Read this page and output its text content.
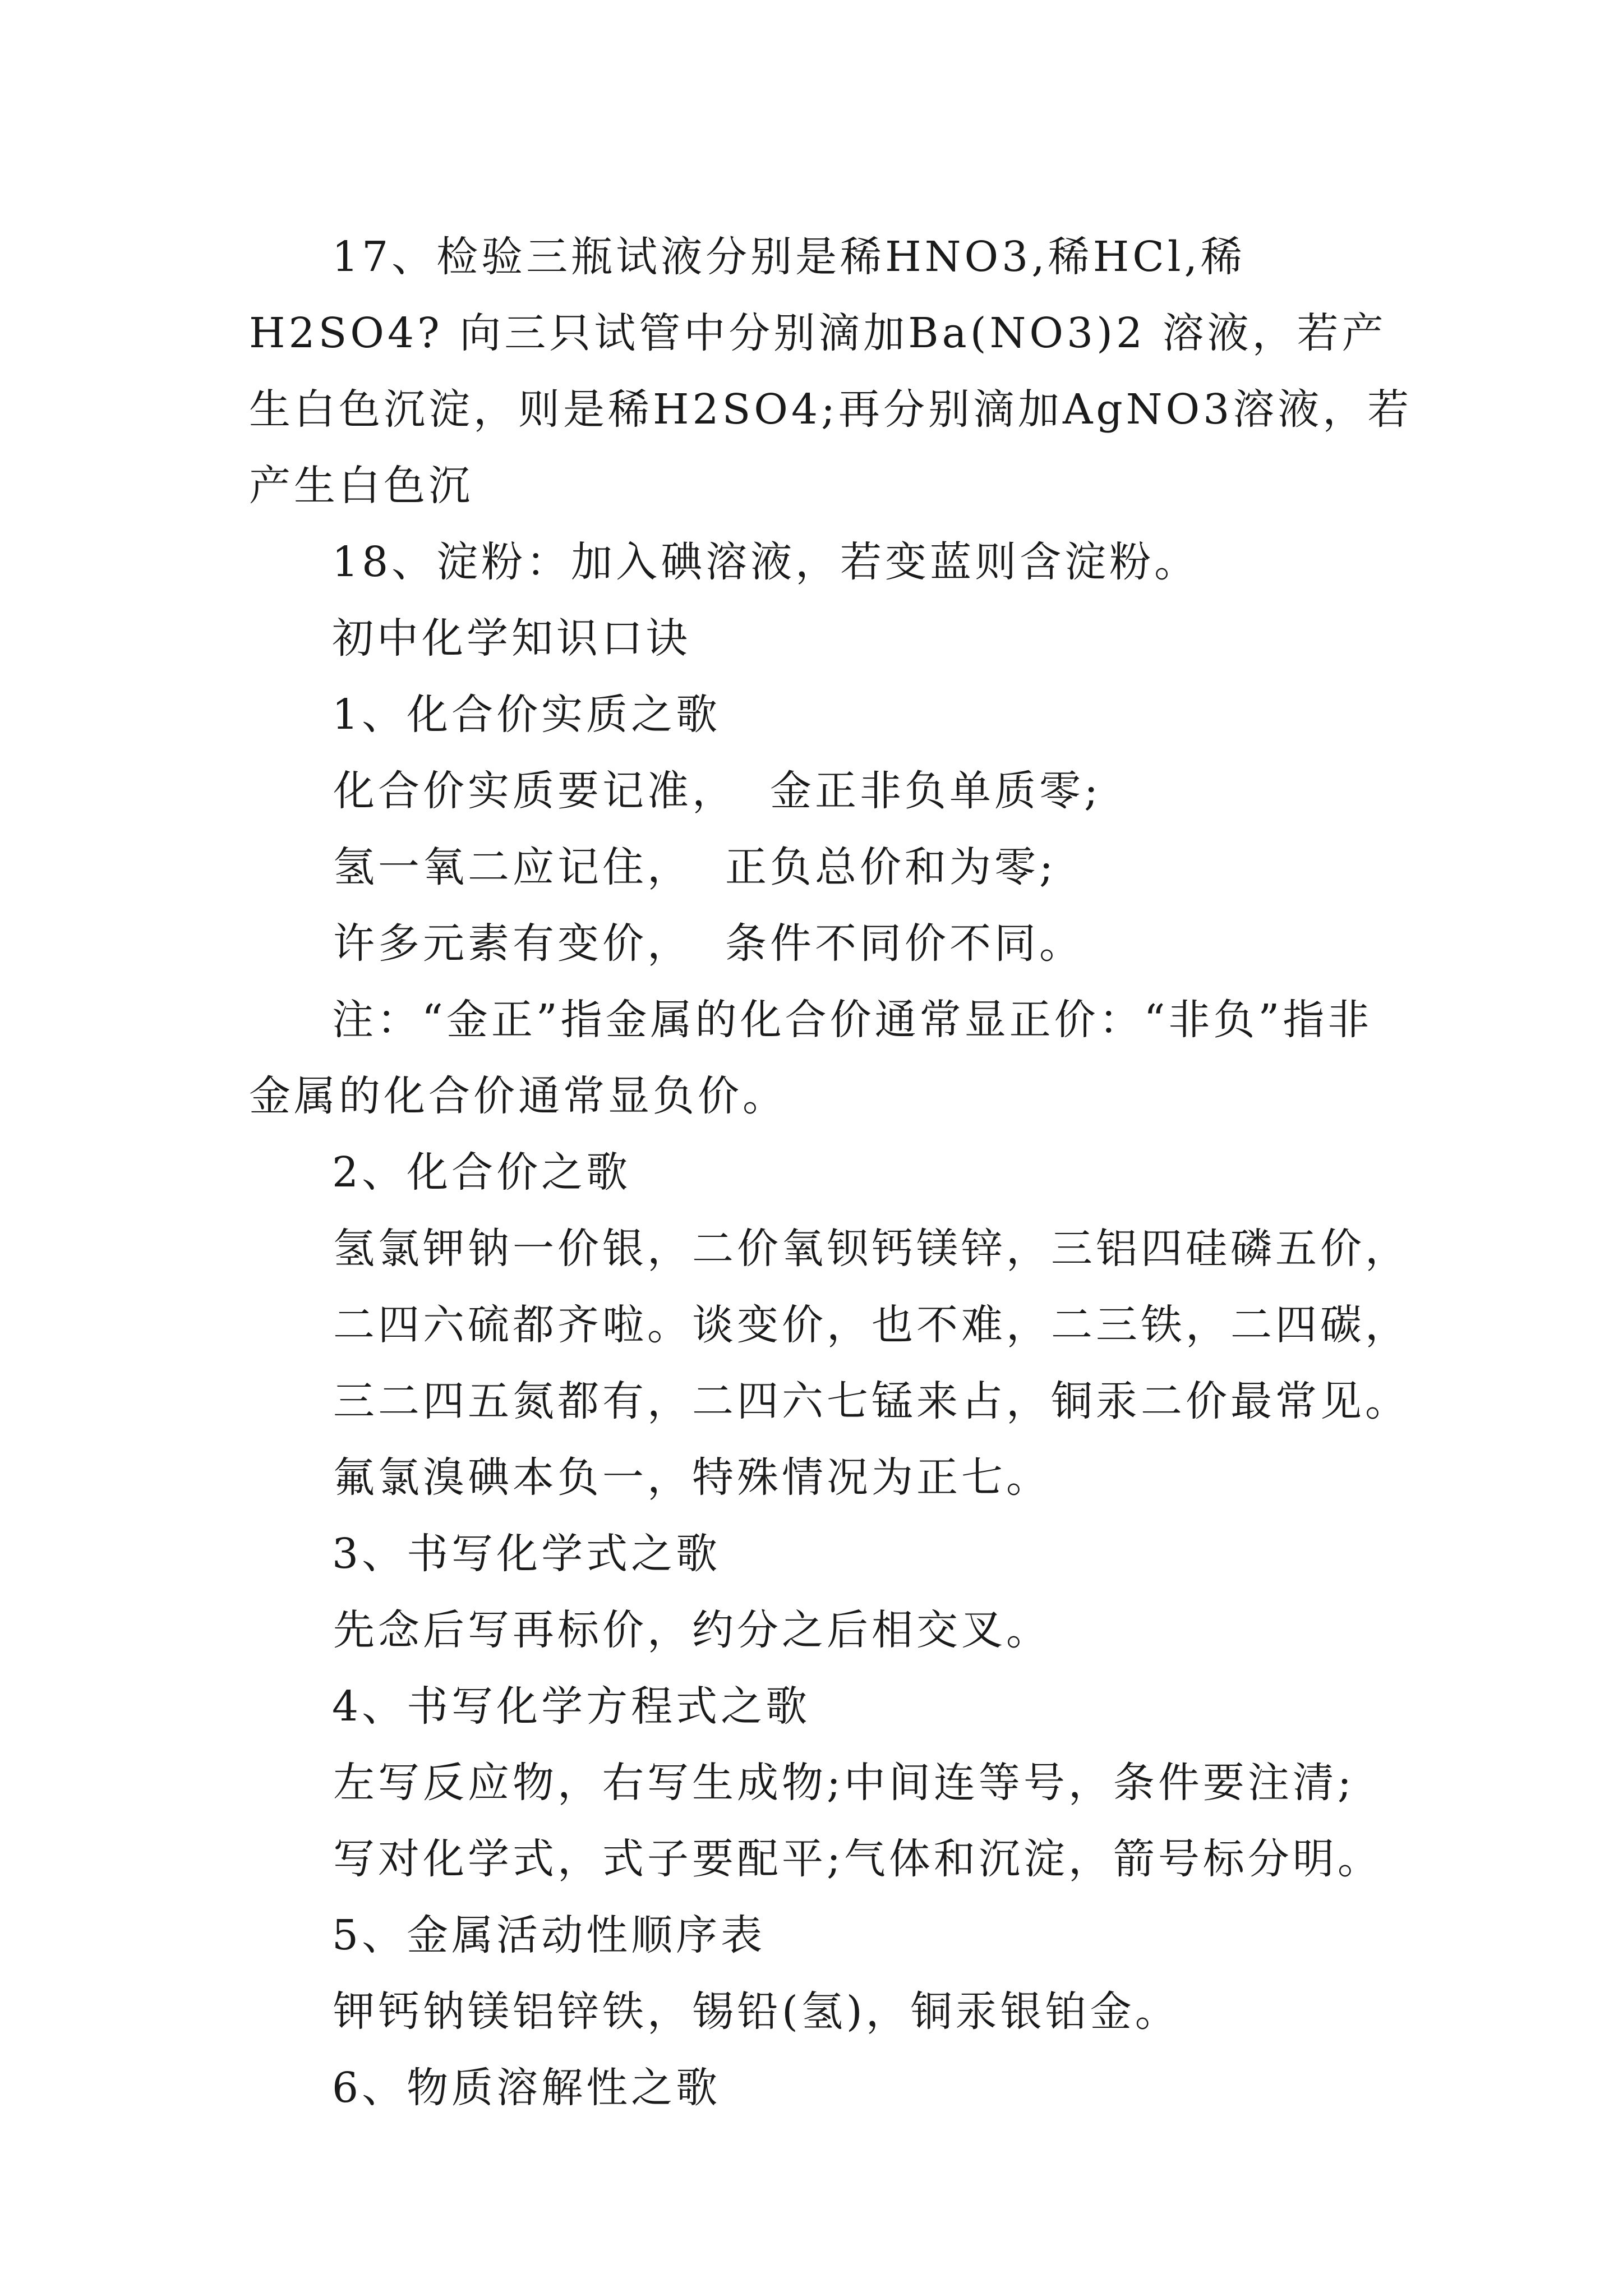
17、检验三瓶试液分别是稀HNO3,稀HCl,稀H2SO4? 向三只试管中分别滴加Ba(NO3)2 溶液，若产生白色沉淀，则是稀H2SO4;再分别滴加AgNO3溶液，若产生白色沉

18、淀粉：加入碘溶液，若变蓝则含淀粉。

初中化学知识口诀

1、化合价实质之歌

化合价实质要记准，  金正非负单质零;

氢一氧二应记住，  正负总价和为零;

许多元素有变价，  条件不同价不同。

注：“金正”指金属的化合价通常显正价：“非负”指非金属的化合价通常显负价。

2、化合价之歌

氢氯钾钠一价银，二价氧钡钙镁锌，三铝四硅磷五价，

二四六硫都齐啦。谈变价，也不难，二三铁，二四碳，

三二四五氮都有，二四六七锰来占，铜汞二价最常见。

氟氯溴碘本负一，特殊情况为正七。

3、书写化学式之歌

先念后写再标价，约分之后相交叉。

4、书写化学方程式之歌

左写反应物，右写生成物;中间连等号，条件要注清;

写对化学式，式子要配平;气体和沉淀，箭号标分明。

5、金属活动性顺序表

钾钙钠镁铝锌铁，锡铅(氢)，铜汞银铂金。

6、物质溶解性之歌
